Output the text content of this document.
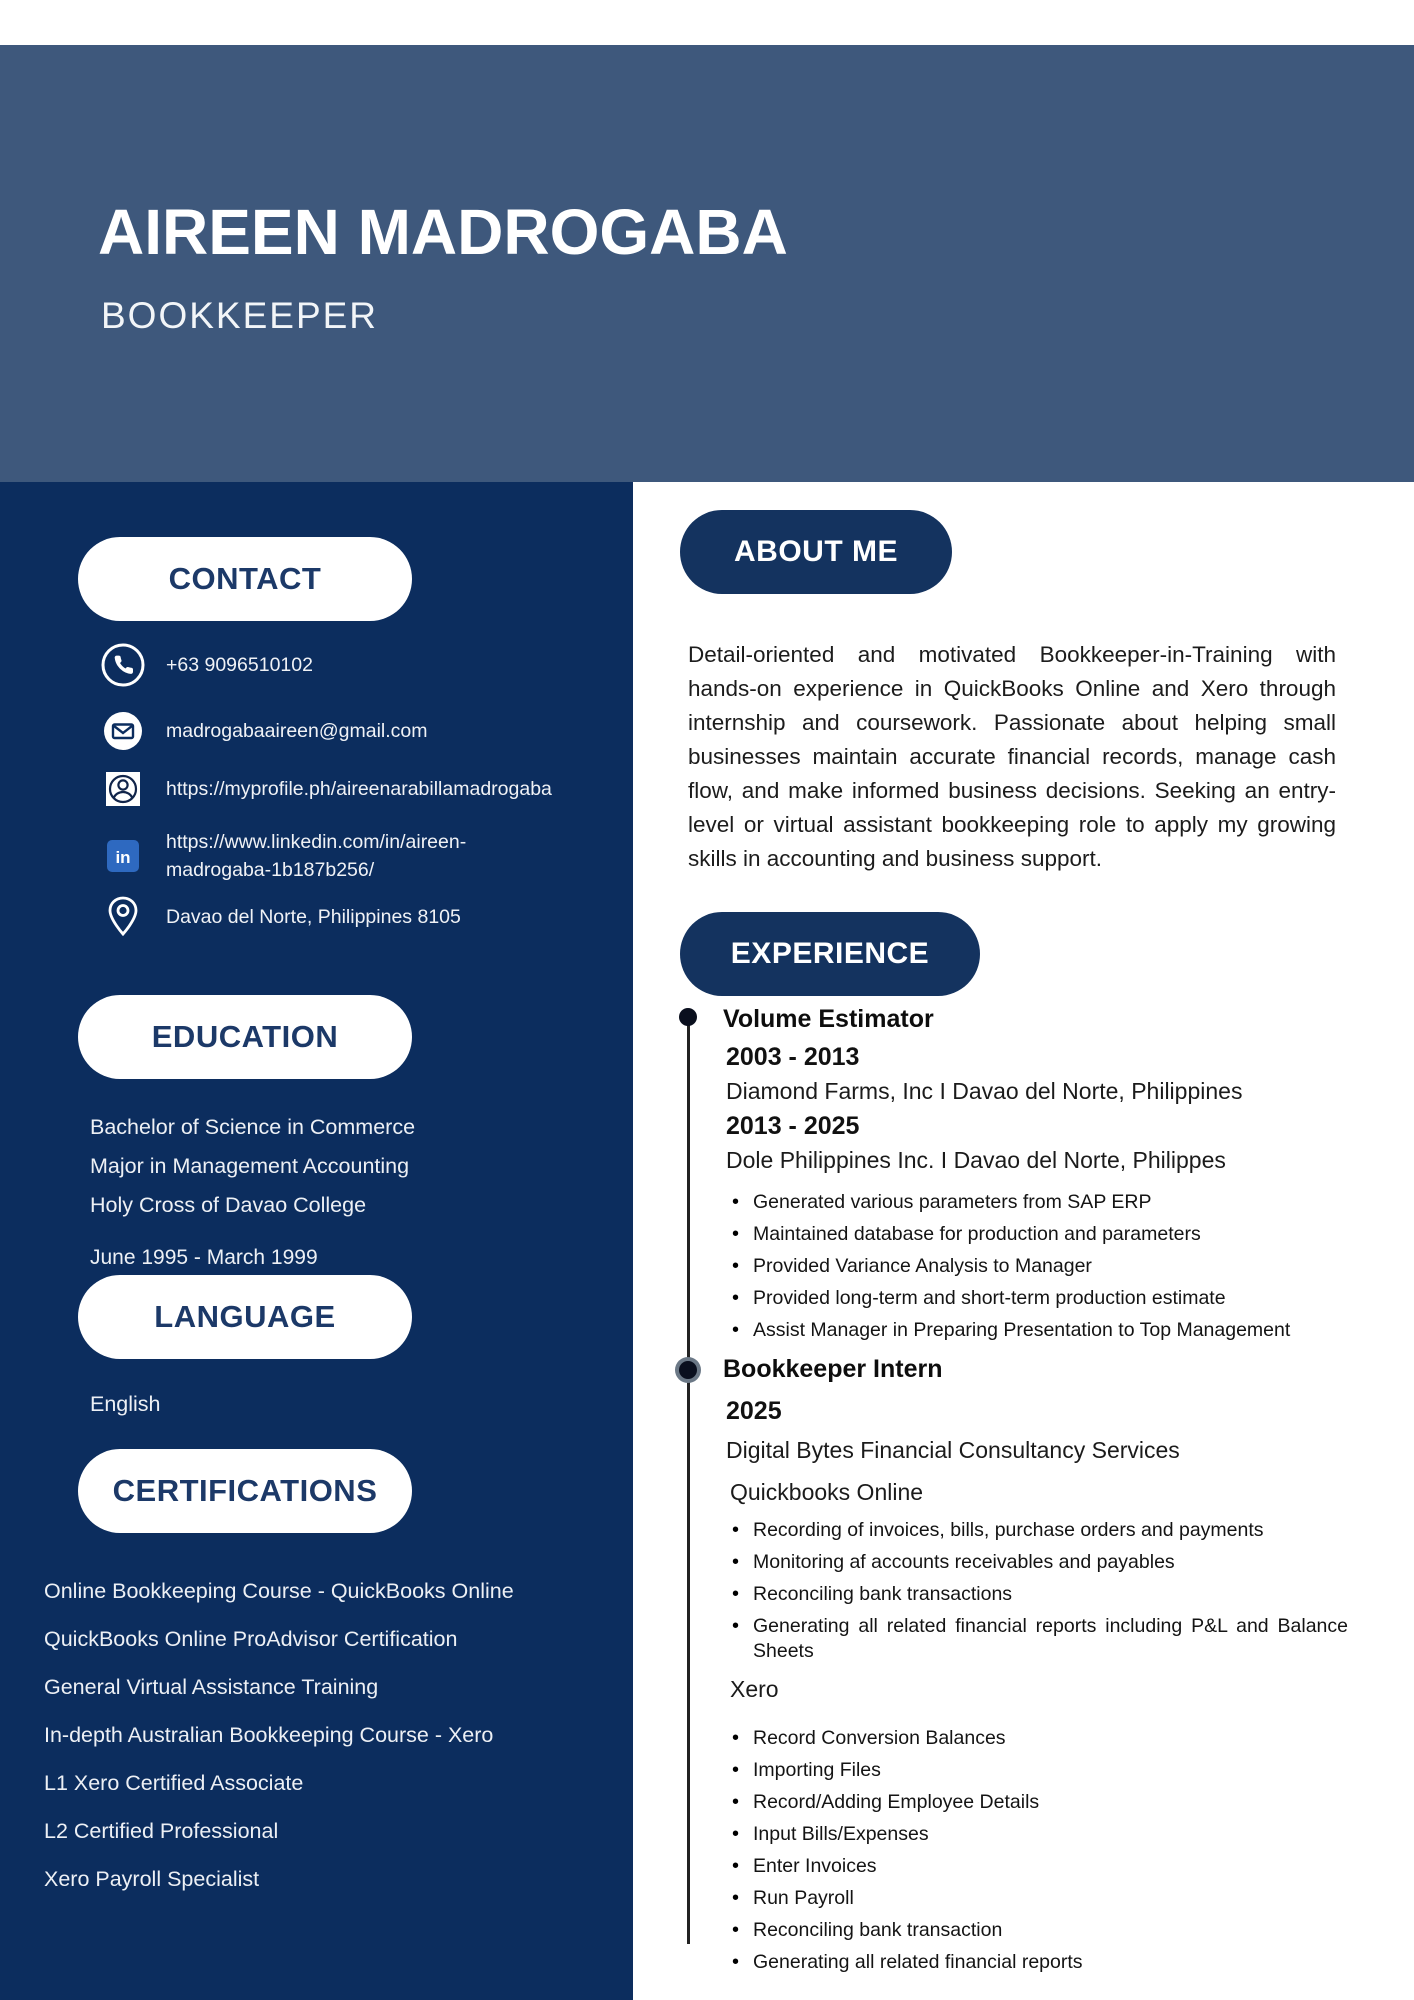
AIREEN MADROGABA
BOOKKEEPER
CONTACT
+63 9096510102
madrogabaaireen@gmail.com
https://myprofile.ph/aireenarabillamadrogaba
in
https://www.linkedin.com/in/aireen-madrogaba-1b187b256/
Davao del Norte, Philippines 8105
EDUCATION
Bachelor of Science in Commerce
Major in Management Accounting
Holy Cross of Davao College
June 1995 - March 1999
LANGUAGE
English
CERTIFICATIONS
Online Bookkeeping Course - QuickBooks Online
QuickBooks Online ProAdvisor Certification
General Virtual Assistance Training
In-depth Australian Bookkeeping Course - Xero
L1 Xero Certified Associate
L2 Certified Professional
Xero Payroll Specialist
ABOUT ME
Detail-oriented and motivated Bookkeeper-in-Training with hands-on experience in QuickBooks Online and Xero through internship and coursework. Passionate about helping small businesses maintain accurate financial records, manage cash flow, and make informed business decisions. Seeking an entry-level or virtual assistant bookkeeping role to apply my growing skills in accounting and business support.
EXPERIENCE
Volume Estimator
2003 - 2013
Diamond Farms, Inc I Davao del Norte, Philippines
2013 - 2025
Dole Philippines Inc. I Davao del Norte, Philippes
• Generated various parameters from SAP ERP
• Maintained database for production and parameters
• Provided Variance Analysis to Manager
• Provided long-term and short-term production estimate
• Assist Manager in Preparing Presentation to Top Management
Bookkeeper Intern
2025
Digital Bytes Financial Consultancy Services
Quickbooks Online
• Recording of invoices, bills, purchase orders and payments
• Monitoring af accounts receivables and payables
• Reconciling bank transactions
• Generating all related financial reports including P&L and Balance Sheets
Xero
• Record Conversion Balances
• Importing Files
• Record/Adding Employee Details
• Input Bills/Expenses
• Enter Invoices
• Run Payroll
• Reconciling bank transaction
• Generating all related financial reports
